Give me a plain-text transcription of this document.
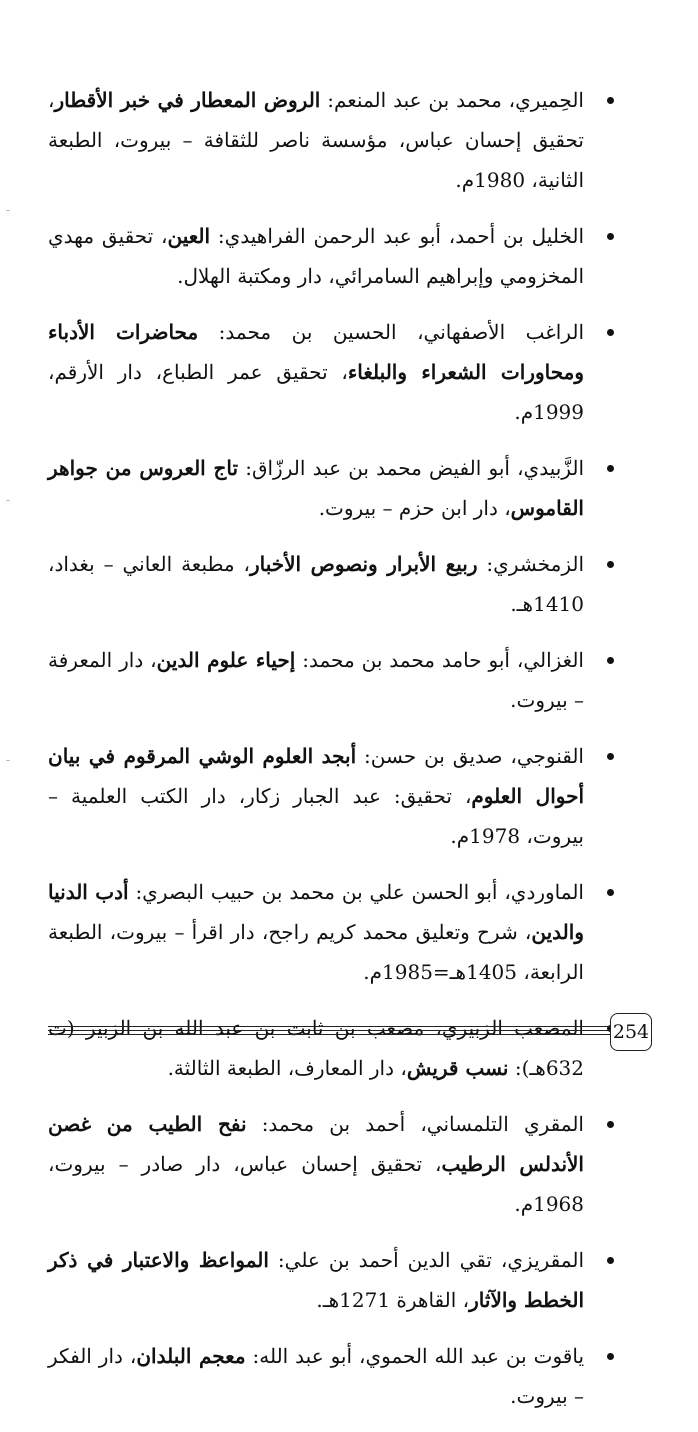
الحِميري، محمد بن عبد المنعم: الروض المعطار في خبر الأقطار، تحقيق إحسان عباس، مؤسسة ناصر للثقافة – بيروت، الطبعة الثانية، 1980م.
الخليل بن أحمد، أبو عبد الرحمن الفراهيدي: العين، تحقيق مهدي المخزومي وإبراهيم السامرائي، دار ومكتبة الهلال.
الراغب الأصفهاني، الحسين بن محمد: محاضرات الأدباء ومحاورات الشعراء والبلغاء، تحقيق عمر الطباع، دار الأرقم، 1999م.
الزَّبيدي، أبو الفيض محمد بن عبد الرزّاق: تاج العروس من جواهر القاموس، دار ابن حزم – بيروت.
الزمخشري: ربيع الأبرار ونصوص الأخبار، مطبعة العاني – بغداد، 1410هـ.
الغزالي، أبو حامد محمد بن محمد: إحياء علوم الدين، دار المعرفة – بيروت.
القنوجي، صديق بن حسن: أبجد العلوم الوشي المرقوم في بيان أحوال العلوم، تحقيق: عبد الجبار زكار، دار الكتب العلمية – بيروت، 1978م.
الماوردي، أبو الحسن علي بن محمد بن حبيب البصري: أدب الدنيا والدين، شرح وتعليق محمد كريم راجح، دار اقرأ – بيروت، الطبعة الرابعة، 1405هـ=1985م.
المصعب الزبيري، مصعب بن ثابت بن عبد الله بن الزبير (ت 632هـ): نسب قريش، دار المعارف، الطبعة الثالثة.
المقري التلمساني، أحمد بن محمد: نفح الطيب من غصن الأندلس الرطيب، تحقيق إحسان عباس، دار صادر – بيروت، 1968م.
المقريزي، تقي الدين أحمد بن علي: المواعظ والاعتبار في ذكر الخطط والآثار، القاهرة 1271هـ.
ياقوت بن عبد الله الحموي، أبو عبد الله: معجم البلدان، دار الفكر – بيروت.
254
